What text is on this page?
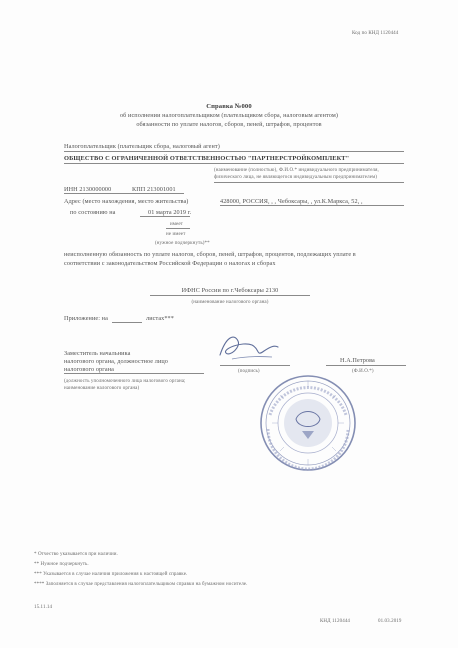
Код по КНД 1120444
Справка №000
об исполнении налогоплательщиком (плательщиком сбора, налоговым агентом)
обязанности по уплате налогов, сборов, пеней, штрафов, процентов
Налогоплательщик (плательщик сбора, налоговый агент)
ОБЩЕСТВО С ОГРАНИЧЕННОЙ ОТВЕТСТВЕННОСТЬЮ "ПАРТНЕРСТРОЙКОМПЛЕКТ"
(наименование (полностью), Ф.И.О.* индивидуального предпринимателя,
физического лица, не являющегося индивидуальным предпринимателем)
ИНН 2130000000	КПП 213001001
Адрес (место нахождения, место жительства)	428000, РОССИЯ, , , Чебоксары, , ул.К.Маркса, 52, ,
по состоянию на	01 марта 2019 г.
имеет
не имеет
(нужное подчеркнуть)**
неисполненную обязанность по уплате налогов, сборов, пеней, штрафов, процентов, подлежащих уплате в
соответствии с законодательством Российской Федерации о налогах и сборах
ИФНС России по г.Чебоксары 2130
(наименование налогового органа)
Приложение: на	листах***
Заместитель начальника
налогового органа, должностное лицо
налогового органа	(подпись)
Н.А.Петрова
(Ф.И.О.*)
(должность уполномоченного лица налогового органа;
наименование налогового органа)
* Отчество указывается при наличии.
** Нужное подчеркнуть.
*** Указывается в случае наличия приложения к настоящей справке.
**** Заполняется в случае представления налогоплательщиком справки на бумажном носителе.
15.11.14
КНД 1120444	01.03.2019
